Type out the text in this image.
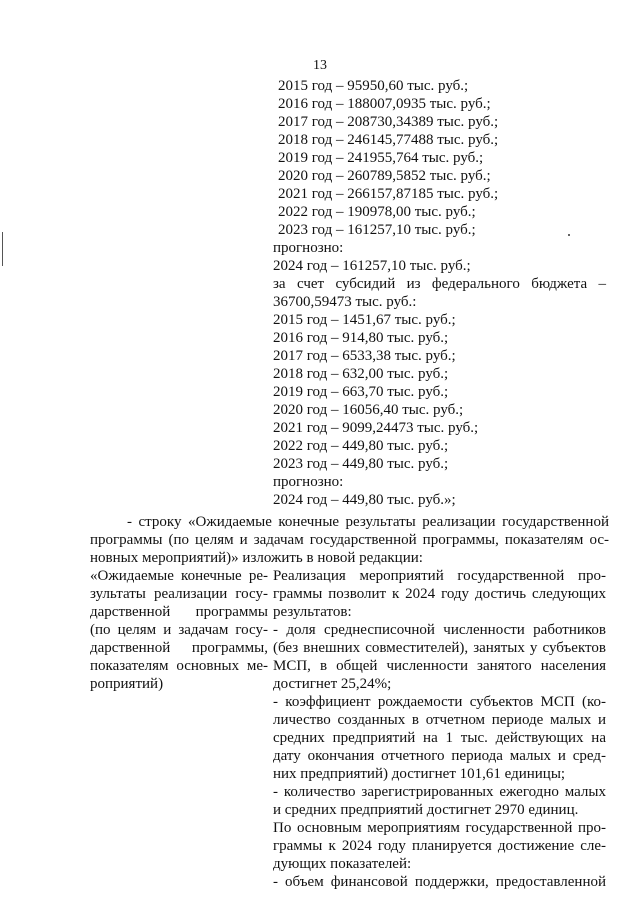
13
2015 год – 95950,60 тыс. руб.;
2016 год – 188007,0935 тыс. руб.;
2017 год – 208730,34389 тыс. руб.;
2018 год – 246145,77488 тыс. руб.;
2019 год – 241955,764 тыс. руб.;
2020 год – 260789,5852 тыс. руб.;
2021 год – 266157,87185 тыс. руб.;
2022 год – 190978,00 тыс. руб.;
2023 год – 161257,10 тыс. руб.;
прогнозно:
2024 год – 161257,10 тыс. руб.;
за счет субсидий из федерального бюджета –
36700,59473 тыс. руб.:
2015 год – 1451,67 тыс. руб.;
2016 год – 914,80 тыс. руб.;
2017 год – 6533,38 тыс. руб.;
2018 год – 632,00 тыс. руб.;
2019 год – 663,70 тыс. руб.;
2020 год – 16056,40 тыс. руб.;
2021 год – 9099,24473 тыс. руб.;
2022 год – 449,80 тыс. руб.;
2023 год – 449,80 тыс. руб.;
прогнозно:
2024 год – 449,80 тыс. руб.»;
- строку «Ожидаемые конечные результаты реализации государственной
программы (по целям и задачам государственной программы, показателям ос-
новных мероприятий)» изложить в новой редакции:
«Ожидаемые конечные ре-
зультаты реализации госу-
дарственной программы
(по целям и задачам госу-
дарственной программы,
показателям основных ме-
роприятий)
Реализация мероприятий государственной про-
граммы позволит к 2024 году достичь следующих
результатов:
- доля среднесписочной численности работников
(без внешних совместителей), занятых у субъектов
МСП, в общей численности занятого населения
достигнет 25,24%;
- коэффициент рождаемости субъектов МСП (ко-
личество созданных в отчетном периоде малых и
средних предприятий на 1 тыс. действующих на
дату окончания отчетного периода малых и сред-
них предприятий) достигнет 101,61 единицы;
- количество зарегистрированных ежегодно малых
и средних предприятий достигнет 2970 единиц.
По основным мероприятиям государственной про-
граммы к 2024 году планируется достижение сле-
дующих показателей:
- объем финансовой поддержки, предоставленной
